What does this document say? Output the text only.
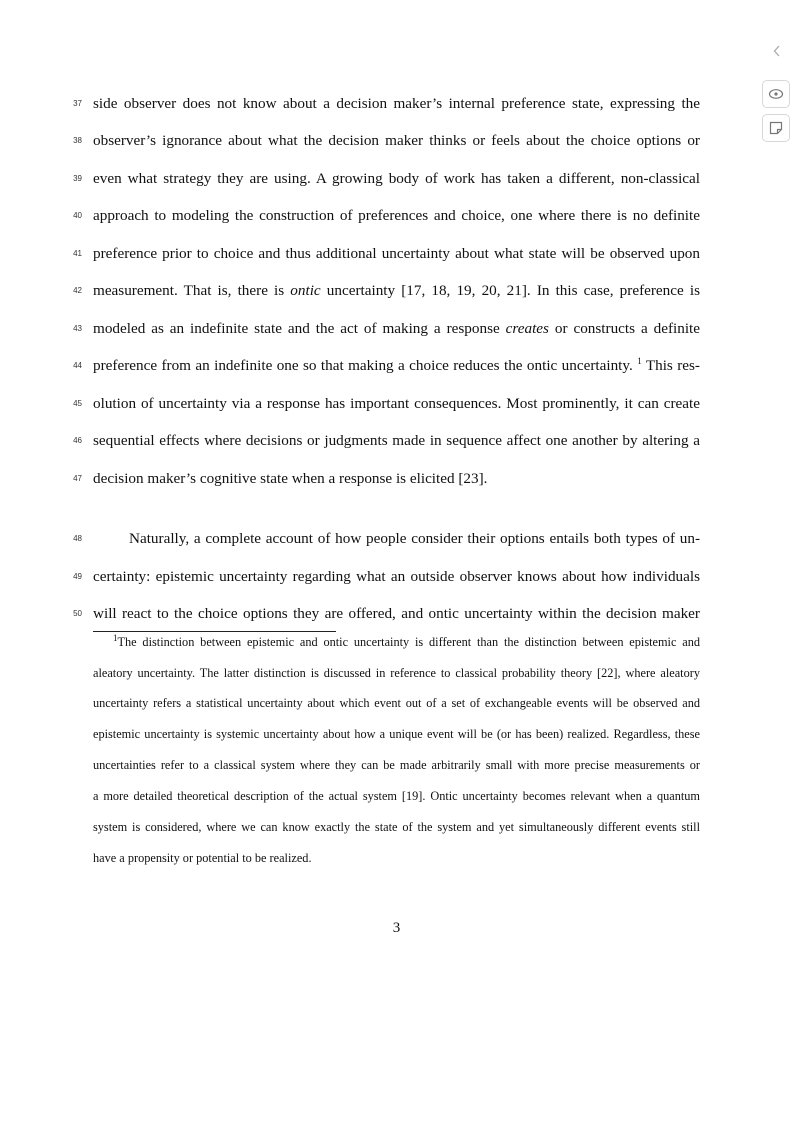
37 side observer does not know about a decision maker’s internal preference state, expressing the
38 observer’s ignorance about what the decision maker thinks or feels about the choice options or
39 even what strategy they are using. A growing body of work has taken a different, non-classical
40 approach to modeling the construction of preferences and choice, one where there is no definite
41 preference prior to choice and thus additional uncertainty about what state will be observed upon
42 measurement. That is, there is ontic uncertainty [17, 18, 19, 20, 21]. In this case, preference is
43 modeled as an indefinite state and the act of making a response creates or constructs a definite
44 preference from an indefinite one so that making a choice reduces the ontic uncertainty. $^1$ This res-
45 olution of uncertainty via a response has important consequences. Most prominently, it can create
46 sequential effects where decisions or judgments made in sequence affect one another by altering a
47 decision maker’s cognitive state when a response is elicited [23].
48	Naturally, a complete account of how people consider their options entails both types of un-
49 certainty: epistemic uncertainty regarding what an outside observer knows about how individuals
50 will react to the choice options they are offered, and ontic uncertainty within the decision maker
$^1$The distinction between epistemic and ontic uncertainty is different than the distinction between epistemic and
aleatory uncertainty. The latter distinction is discussed in reference to classical probability theory [22], where aleatory
uncertainty refers a statistical uncertainty about which event out of a set of exchangeable events will be observed and
epistemic uncertainty is systemic uncertainty about how a unique event will be (or has been) realized. Regardless, these
uncertainties refer to a classical system where they can be made arbitrarily small with more precise measurements or
a more detailed theoretical description of the actual system [19]. Ontic uncertainty becomes relevant when a quantum
system is considered, where we can know exactly the state of the system and yet simultaneously different events still
have a propensity or potential to be realized.
3
